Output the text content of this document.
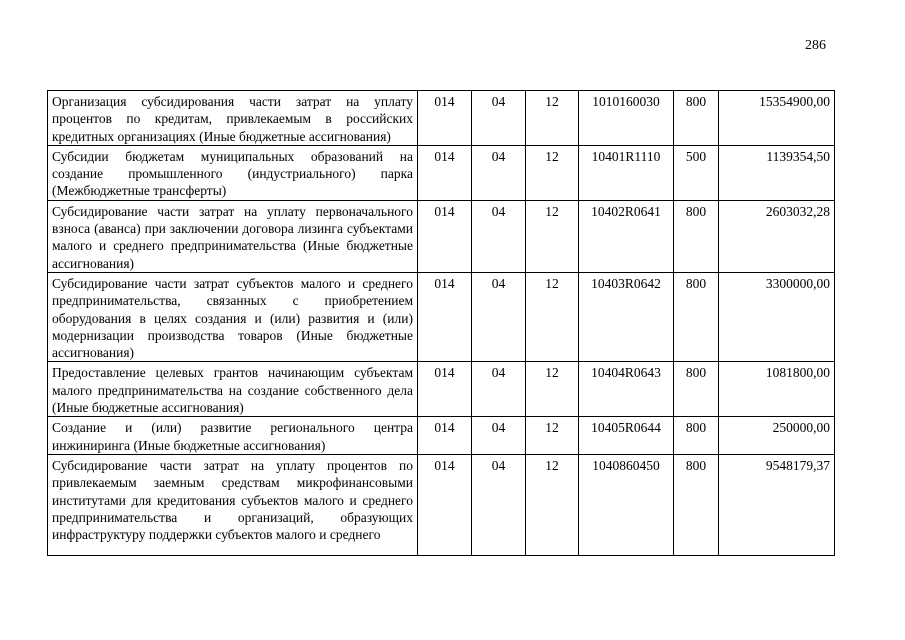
286
Организация субсидирования части затрат на уплату процентов по кредитам, привлекаемым в российских кредитных организациях (Иные бюджетные ассигнования)	014	04	12	1010160030	800	15354900,00
Субсидии бюджетам муниципальных образований на создание промышленного (индустриального) парка (Межбюджетные трансферты)	014	04	12	10401R1110	500	1139354,50
Субсидирование части затрат на уплату первоначального взноса (аванса) при заключении договора лизинга субъектами малого и среднего предпринимательства (Иные бюджетные ассигнования)	014	04	12	10402R0641	800	2603032,28
Субсидирование части затрат субъектов малого и среднего предпринимательства, связанных с приобретением оборудования в целях создания и (или) развития и (или) модернизации производства товаров (Иные бюджетные ассигнования)	014	04	12	10403R0642	800	3300000,00
Предоставление целевых грантов начинающим субъектам малого предпринимательства на создание собственного дела (Иные бюджетные ассигнования)	014	04	12	10404R0643	800	1081800,00
Создание и (или) развитие регионального центра инжиниринга (Иные бюджетные ассигнования)	014	04	12	10405R0644	800	250000,00

Субсидирование части затрат на уплату процентов по привлекаемым заемным средствам микрофинансовыми институтами для кредитования субъектов малого и среднего предпринимательства и организаций, образующих инфраструктуру поддержки субъектов малого и среднего	014	04	12	1040860450	800	9548179,37
